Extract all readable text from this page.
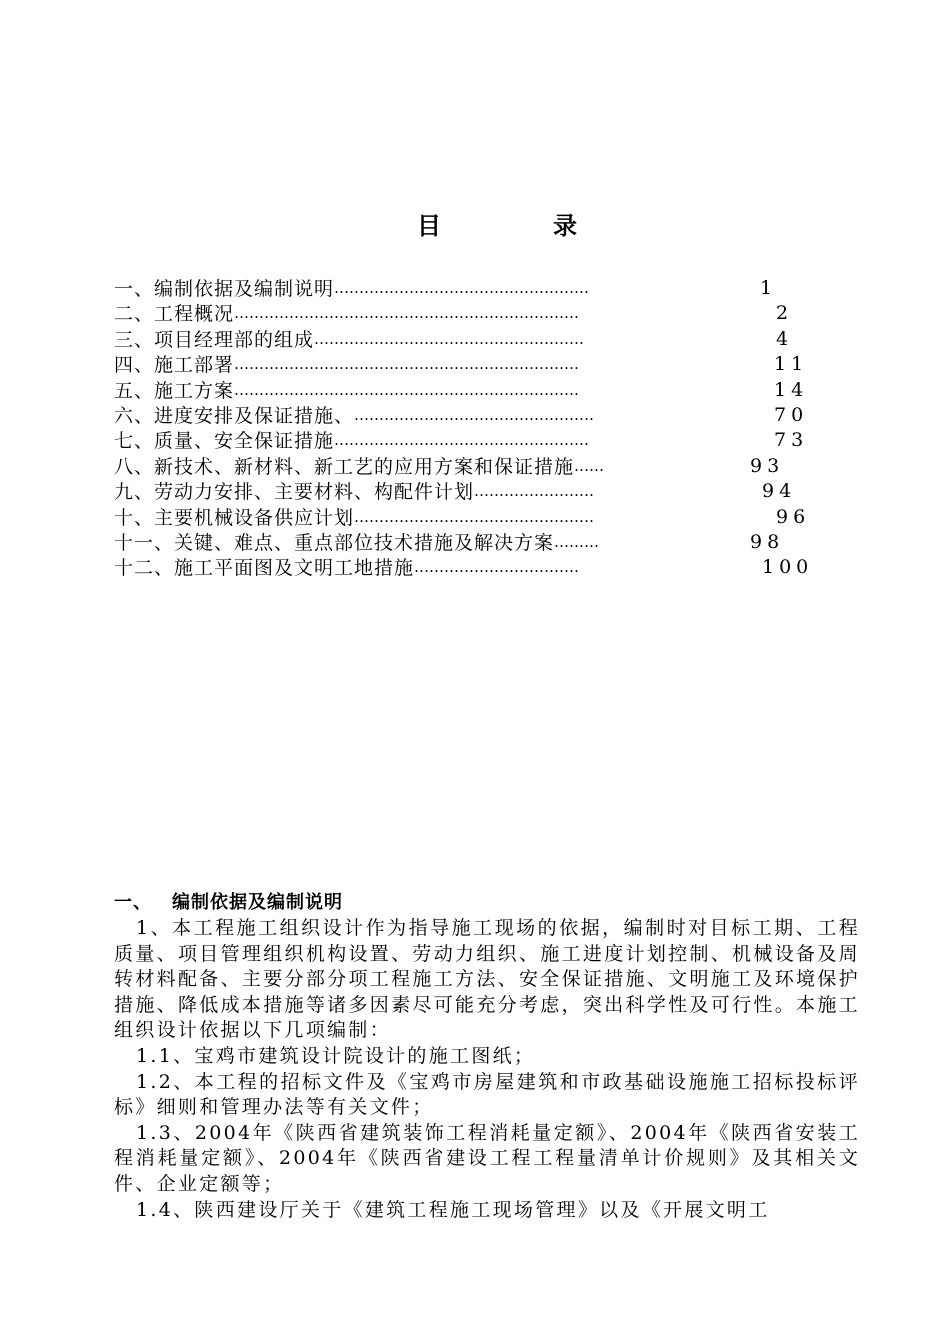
目　录
一、编制依据及编制说明……………………………………………	1
二、工程概况……………………………………………………………	2
三、项目经理部的组成………………………………………………	4
四、施工部署……………………………………………………………	11
五、施工方案……………………………………………………………	14
六、进度安排及保证措施、…………………………………………	70
七、质量、安全保证措施……………………………………………	73
八、新技术、新材料、新工艺的应用方案和保证措施……	93
九、劳动力安排、主要材料、构配件计划……………………	94
十、主要机械设备供应计划…………………………………………	96
十一、关键、难点、重点部位技术措施及解决方案………	98
十二、施工平面图及文明工地措施……………………………	100
一、 编制依据及编制说明

1、本工程施工组织设计作为指导施工现场的依据，编制时对目标工期、工程质量、项目管理组织机构设置、劳动力组织、施工进度计划控制、机械设备及周转材料配备、主要分部分项工程施工方法、安全保证措施、文明施工及环境保护措施、降低成本措施等诸多因素尽可能充分考虑，突出科学性及可行性。本施工组织设计依据以下几项编制：

1.1、宝鸡市建筑设计院设计的施工图纸；

1.2、本工程的招标文件及《宝鸡市房屋建筑和市政基础设施施工招标投标评标》细则和管理办法等有关文件；

1.3、2004年《陕西省建筑装饰工程消耗量定额》、2004年《陕西省安装工程消耗量定额》、2004年《陕西省建设工程工程量清单计价规则》及其相关文件、企业定额等；

1.4、陕西建设厅关于《建筑工程施工现场管理》以及《开展文明工
